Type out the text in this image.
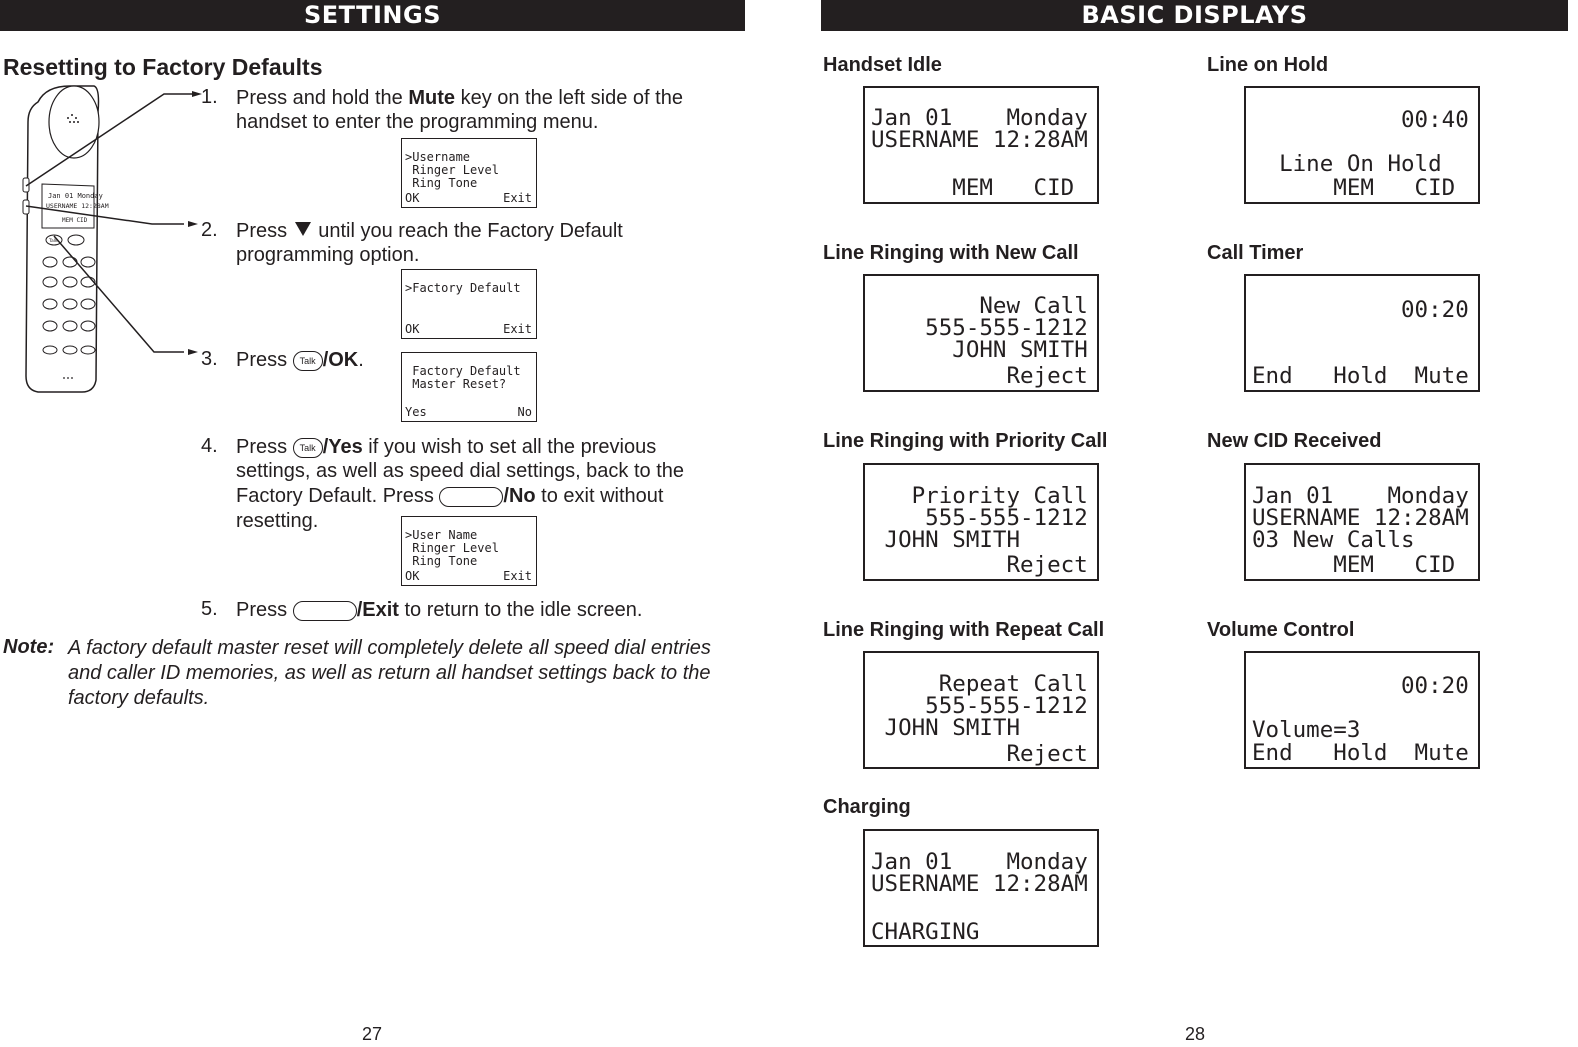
SETTINGS
Resetting to Factory Defaults
Jan 01 Monday
USERNAME 12:28AM
MEM CID
Talk
1. Press and hold the Mute key on the left side of the
handset to enter the programming menu.
>Username
Ringer Level
Ring Tone
OK	Exit
2. Press  until you reach the Factory Default
programming option.
>Factory Default
OK	Exit
3. Press Talk /OK.	Factory Default
Master Reset?
Yes	No
4. Press Talk /Yes if you wish to set all the previous
settings, as well as speed dial settings, back to the
Factory Default. Press	/No to exit without
resetting.
>User Name
Ringer Level
Ring Tone
OK	Exit
5. Press	/Exit to return to the idle screen.
Note: A factory default master reset will completely delete all speed dial entries
and caller ID memories, as well as return all handset settings back to the
factory defaults.
27
BASIC DISPLAYS
Handset Idle
Jan 01    Monday
USERNAME 12:28AM
MEM   CID
Line Ringing with New Call
New Call
555-555-1212
JOHN SMITH
Reject
Line Ringing with Priority Call
Priority Call
555-555-1212
JOHN SMITH
Reject
Line Ringing with Repeat Call
Repeat Call
555-555-1212
JOHN SMITH
Reject
Charging
Jan 01    Monday
USERNAME 12:28AM
CHARGING
Line on Hold
00:40
Line On Hold
MEM   CID
Call Timer
00:20
End   Hold  Mute
New CID Received
Jan 01    Monday
USERNAME 12:28AM
03 New Calls
MEM   CID
Volume Control
00:20
Volume=3
End   Hold  Mute
28
